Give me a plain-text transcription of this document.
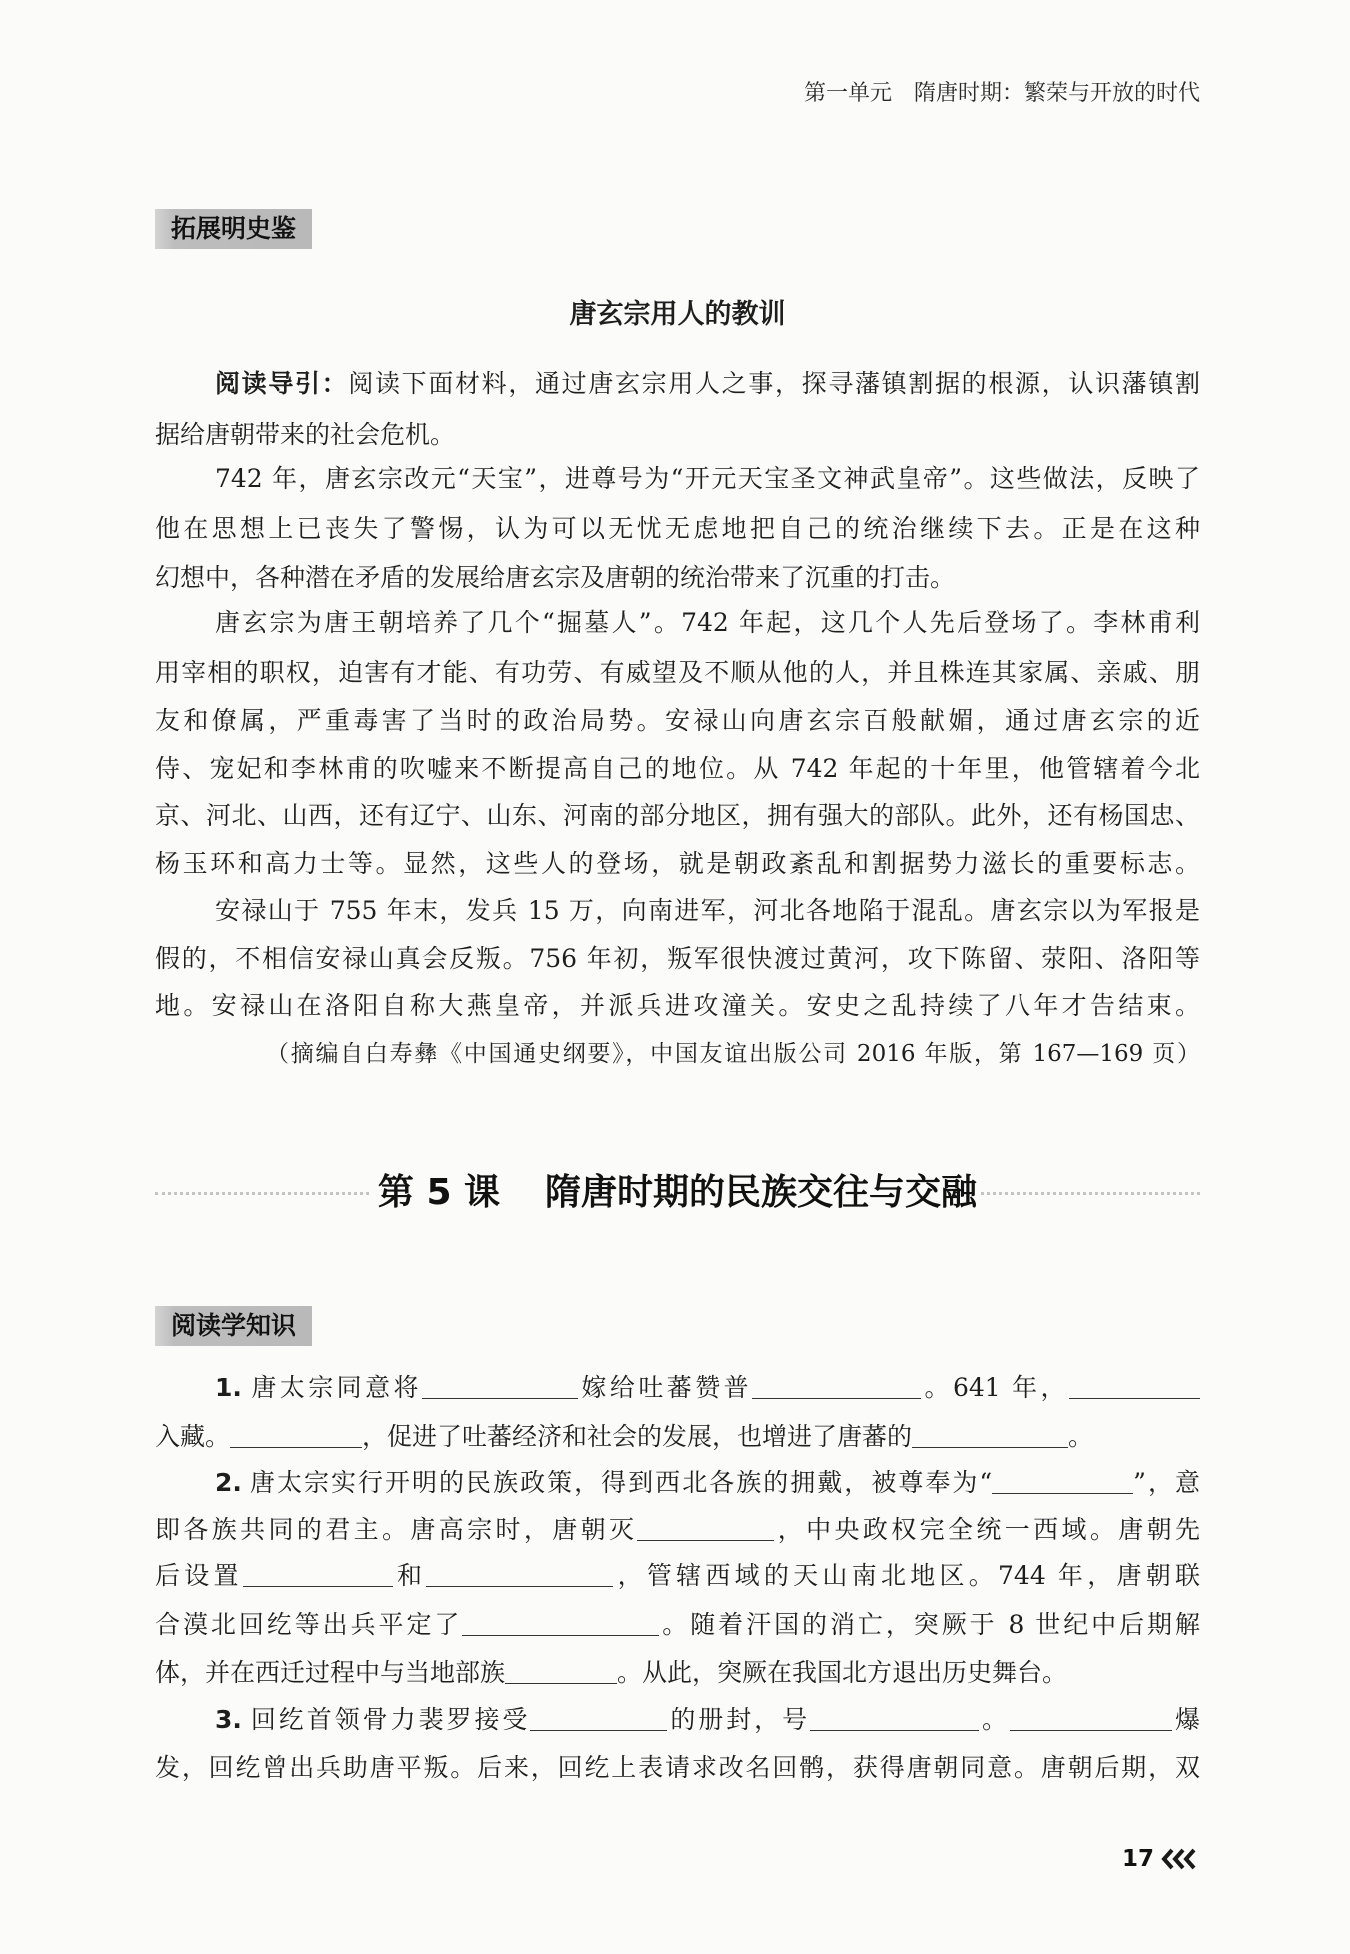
第一单元 隋唐时期：繁荣与开放的时代
拓展明史鉴
唐玄宗用人的教训
阅读导引：阅读下面材料，通过唐玄宗用人之事，探寻藩镇割据的根源，认识藩镇割
据给唐朝带来的社会危机。
742 年，唐玄宗改元“天宝”，进尊号为“开元天宝圣文神武皇帝”。这些做法，反映了
他在思想上已丧失了警惕，认为可以无忧无虑地把自己的统治继续下去。正是在这种
幻想中，各种潜在矛盾的发展给唐玄宗及唐朝的统治带来了沉重的打击。
唐玄宗为唐王朝培养了几个“掘墓人”。742 年起，这几个人先后登场了。李林甫利
用宰相的职权，迫害有才能、有功劳、有威望及不顺从他的人，并且株连其家属、亲戚、朋
友和僚属，严重毒害了当时的政治局势。安禄山向唐玄宗百般献媚，通过唐玄宗的近
侍、宠妃和李林甫的吹嘘来不断提高自己的地位。从 742 年起的十年里，他管辖着今北
京、河北、山西，还有辽宁、山东、河南的部分地区，拥有强大的部队。此外，还有杨国忠、
杨玉环和高力士等。显然，这些人的登场，就是朝政紊乱和割据势力滋长的重要标志。
安禄山于 755 年末，发兵 15 万，向南进军，河北各地陷于混乱。唐玄宗以为军报是
假的，不相信安禄山真会反叛。756 年初，叛军很快渡过黄河，攻下陈留、荥阳、洛阳等
地。安禄山在洛阳自称大燕皇帝，并派兵进攻潼关。安史之乱持续了八年才告结束。
（摘编自白寿彝《中国通史纲要》，中国友谊出版公司 2016 年版，第 167—169 页）
第 5 课 隋唐时期的民族交往与交融
阅读学知识
1. 唐太宗同意将	嫁给吐蕃赞普	。641 年，
入藏。	，促进了吐蕃经济和社会的发展，也增进了唐蕃的	。
2. 唐太宗实行开明的民族政策，得到西北各族的拥戴，被尊奉为“	”，意
即各族共同的君主。唐高宗时，唐朝灭	，中央政权完全统一西域。唐朝先
后设置	和	，管辖西域的天山南北地区。744 年，唐朝联
合漠北回纥等出兵平定了	。随着汗国的消亡，突厥于 8 世纪中后期解
体，并在西迁过程中与当地部族	。从此，突厥在我国北方退出历史舞台。
3. 回纥首领骨力裴罗接受	的册封，号	。	爆
发，回纥曾出兵助唐平叛。后来，回纥上表请求改名回鹘，获得唐朝同意。唐朝后期，双
17
